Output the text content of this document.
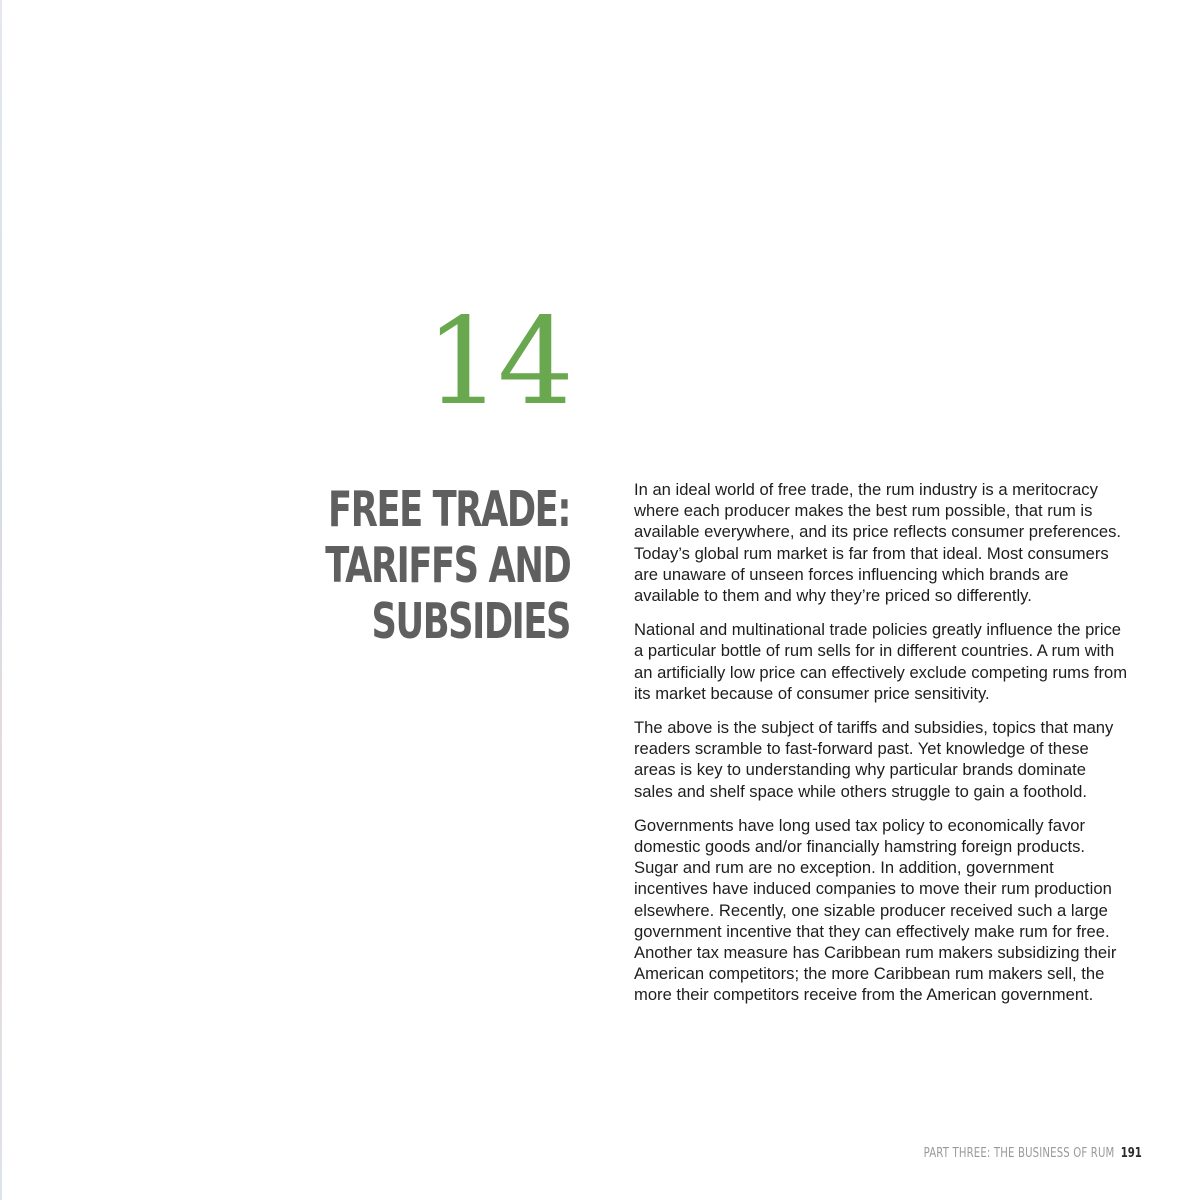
14
FREE TRADE:
TARIFFS AND
SUBSIDIES

In an ideal world of free trade, the rum industry is a meritocracy where each producer makes the best rum possible, that rum is available everywhere, and its price reflects consumer preferences. Today’s global rum market is far from that ideal. Most consumers are unaware of unseen forces influencing which brands are available to them and why they’re priced so differently.

National and multinational trade policies greatly influence the price a particular bottle of rum sells for in different countries. A rum with an artificially low price can effectively exclude competing rums from its market because of consumer price sensitivity.

The above is the subject of tariffs and subsidies, topics that many readers scramble to fast-forward past. Yet knowledge of these areas is key to understanding why particular brands dominate sales and shelf space while others struggle to gain a foothold.

Governments have long used tax policy to economically favor domestic goods and/or financially hamstring foreign products. Sugar and rum are no exception. In addition, government incentives have induced companies to move their rum production elsewhere. Recently, one sizable producer received such a large government incentive that they can effectively make rum for free. Another tax measure has Caribbean rum makers subsidizing their American competitors; the more Caribbean rum makers sell, the more their competitors receive from the American government.

PART THREE: THE BUSINESS OF RUM 191
